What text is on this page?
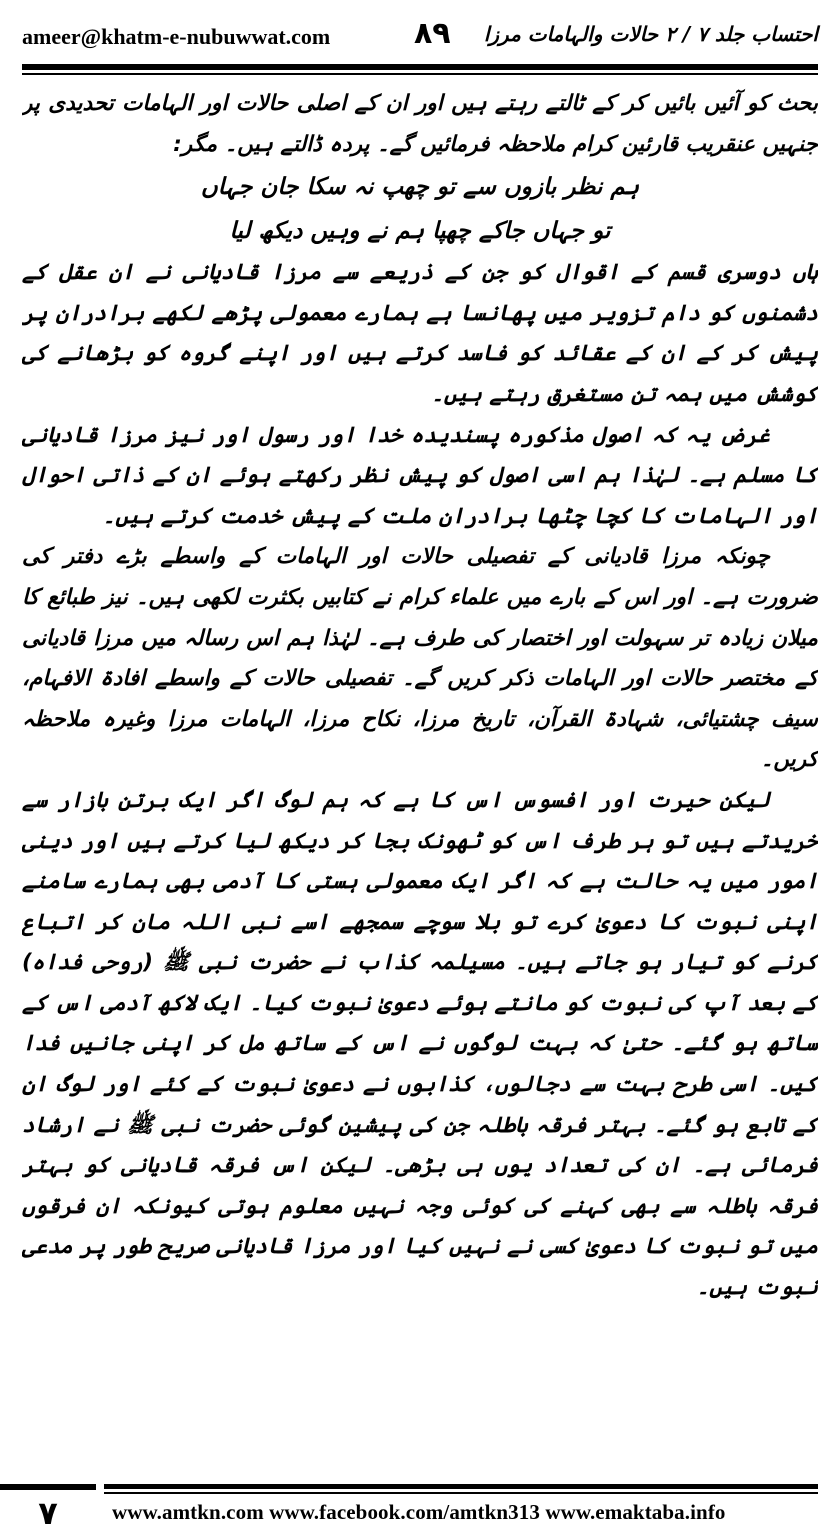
ameer@khatm-e-nubuwwat.com	۸۹ احتساب جلد ۷ / ۲ حالات والہامات مرزا

بحث کو آئیں بائیں کر کے ٹالتے رہتے ہیں اور ان کے اصلی حالات اور الہامات تحدیدی پر جنہیں عنقریب قارئین کرام ملاحظہ فرمائیں گے۔ پردہ ڈالتے ہیں۔ مگر:

ہم نظر بازوں سے تو چھپ نہ سکا جان جہاں
تو جہاں جاکے چھپا ہم نے وہیں دیکھ لیا

ہاں دوسری قسم کے اقوال کو جن کے ذریعے سے مرزا قادیانی نے ان عقل کے دشمنوں کو دام تزویر میں پھانسا ہے ہمارے معمولی پڑھے لکھے برادران پر پیش کر کے ان کے عقائد کو فاسد کرتے ہیں اور اپنے گروہ کو بڑھانے کی کوشش میں ہمہ تن مستغرق رہتے ہیں۔

غرض یہ کہ اصول مذکورہ پسندیدہ خدا اور رسول اور نیز مرزا قادیانی کا مسلم ہے۔ لہٰذا ہم اسی اصول کو پیش نظر رکھتے ہوئے ان کے ذاتی احوال اور الہامات کا کچا چٹھا برادران ملت کے پیش خدمت کرتے ہیں۔

چونکہ مرزا قادیانی کے تفصیلی حالات اور الہامات کے واسطے بڑے دفتر کی ضرورت ہے۔ اور اس کے بارے میں علماء کرام نے کتابیں بکثرت لکھی ہیں۔ نیز طبائع کا میلان زیادہ تر سہولت اور اختصار کی طرف ہے۔ لہٰذا ہم اس رسالہ میں مرزا قادیانی کے مختصر حالات اور الہامات ذکر کریں گے۔ تفصیلی حالات کے واسطے افادۃ الافہام، سیف چشتیائی، شہادۃ القرآن، تاریخ مرزا، نکاح مرزا، الہامات مرزا وغیرہ ملاحظہ کریں۔

لیکن حیرت اور افسوس اس کا ہے کہ ہم لوگ اگر ایک برتن بازار سے خریدتے ہیں تو ہر طرف اس کو ٹھونک بجا کر دیکھ لیا کرتے ہیں اور دینی امور میں یہ حالت ہے کہ اگر ایک معمولی ہستی کا آدمی بھی ہمارے سامنے اپنی نبوت کا دعویٰ کرے تو بلا سوچے سمجھے اسے نبی اللہ مان کر اتباع کرنے کو تیار ہو جاتے ہیں۔ مسیلمہ کذاب نے حضرت نبی ﷺ (روحی فداہ) کے بعد آپ کی نبوت کو مانتے ہوئے دعویٰ نبوت کیا۔ ایک لاکھ آدمی اس کے ساتھ ہو گئے۔ حتیٰ کہ بہت لوگوں نے اس کے ساتھ مل کر اپنی جانیں فدا کیں۔ اسی طرح بہت سے دجالوں، کذابوں نے دعویٰ نبوت کے کئے اور لوگ ان کے تابع ہو گئے۔ بہتر فرقہ باطلہ جن کی پیشین گوئی حضرت نبی ﷺ نے ارشاد فرمائی ہے۔ ان کی تعداد یوں ہی بڑھی۔ لیکن اس فرقہ قادیانی کو بہتر فرقہ باطلہ سے بھی کہنے کی کوئی وجہ نہیں معلوم ہوتی کیونکہ ان فرقوں میں تو نبوت کا دعویٰ کسی نے نہیں کیا اور مرزا قادیانی صریح طور پر مدعی نبوت ہیں۔

۷	www.amtkn.com www.facebook.com/amtkn313 www.emaktaba.info
